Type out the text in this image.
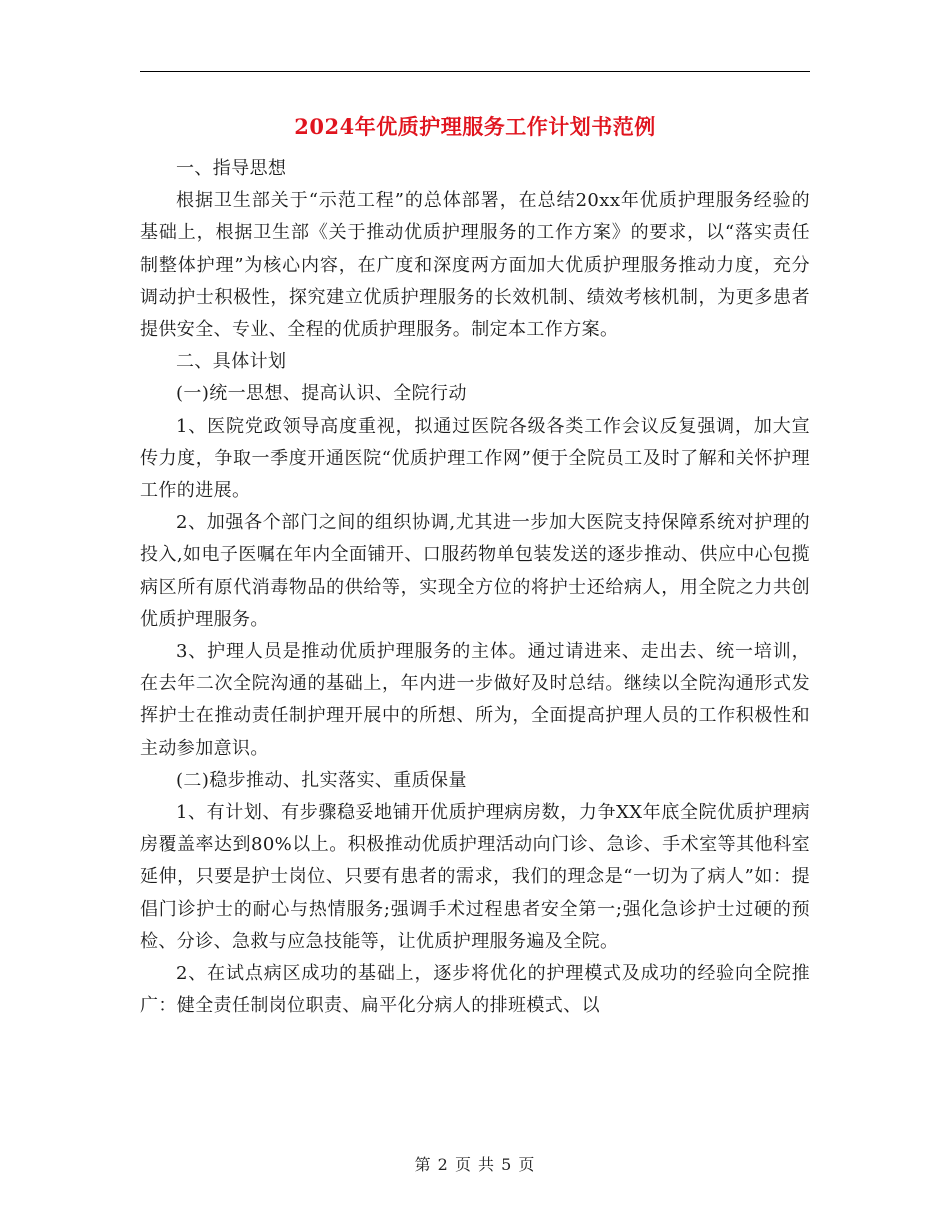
2024年优质护理服务工作计划书范例

一、指导思想

根据卫生部关于“示范工程”的总体部署，在总结20xx年优质护理服务经验的基础上，根据卫生部《关于推动优质护理服务的工作方案》的要求，以“落实责任制整体护理”为核心内容，在广度和深度两方面加大优质护理服务推动力度，充分调动护士积极性，探究建立优质护理服务的长效机制、绩效考核机制，为更多患者提供安全、专业、全程的优质护理服务。制定本工作方案。

二、具体计划

(一)统一思想、提高认识、全院行动

1、医院党政领导高度重视，拟通过医院各级各类工作会议反复强调，加大宣传力度，争取一季度开通医院“优质护理工作网”便于全院员工及时了解和关怀护理工作的进展。

2、加强各个部门之间的组织协调,尤其进一步加大医院支持保障系统对护理的投入,如电子医嘱在年内全面铺开、口服药物单包装发送的逐步推动、供应中心包揽病区所有原代消毒物品的供给等，实现全方位的将护士还给病人，用全院之力共创优质护理服务。

3、护理人员是推动优质护理服务的主体。通过请进来、走出去、统一培训，在去年二次全院沟通的基础上，年内进一步做好及时总结。继续以全院沟通形式发挥护士在推动责任制护理开展中的所想、所为，全面提高护理人员的工作积极性和主动参加意识。

(二)稳步推动、扎实落实、重质保量

1、有计划、有步骤稳妥地铺开优质护理病房数，力争XX年底全院优质护理病房覆盖率达到80%以上。积极推动优质护理活动向门诊、急诊、手术室等其他科室延伸，只要是护士岗位、只要有患者的需求，我们的理念是“一切为了病人”如：提倡门诊护士的耐心与热情服务;强调手术过程患者安全第一;强化急诊护士过硬的预检、分诊、急救与应急技能等，让优质护理服务遍及全院。

2、在试点病区成功的基础上，逐步将优化的护理模式及成功的经验向全院推广：健全责任制岗位职责、扁平化分病人的排班模式、以

第 2 页 共 5 页
